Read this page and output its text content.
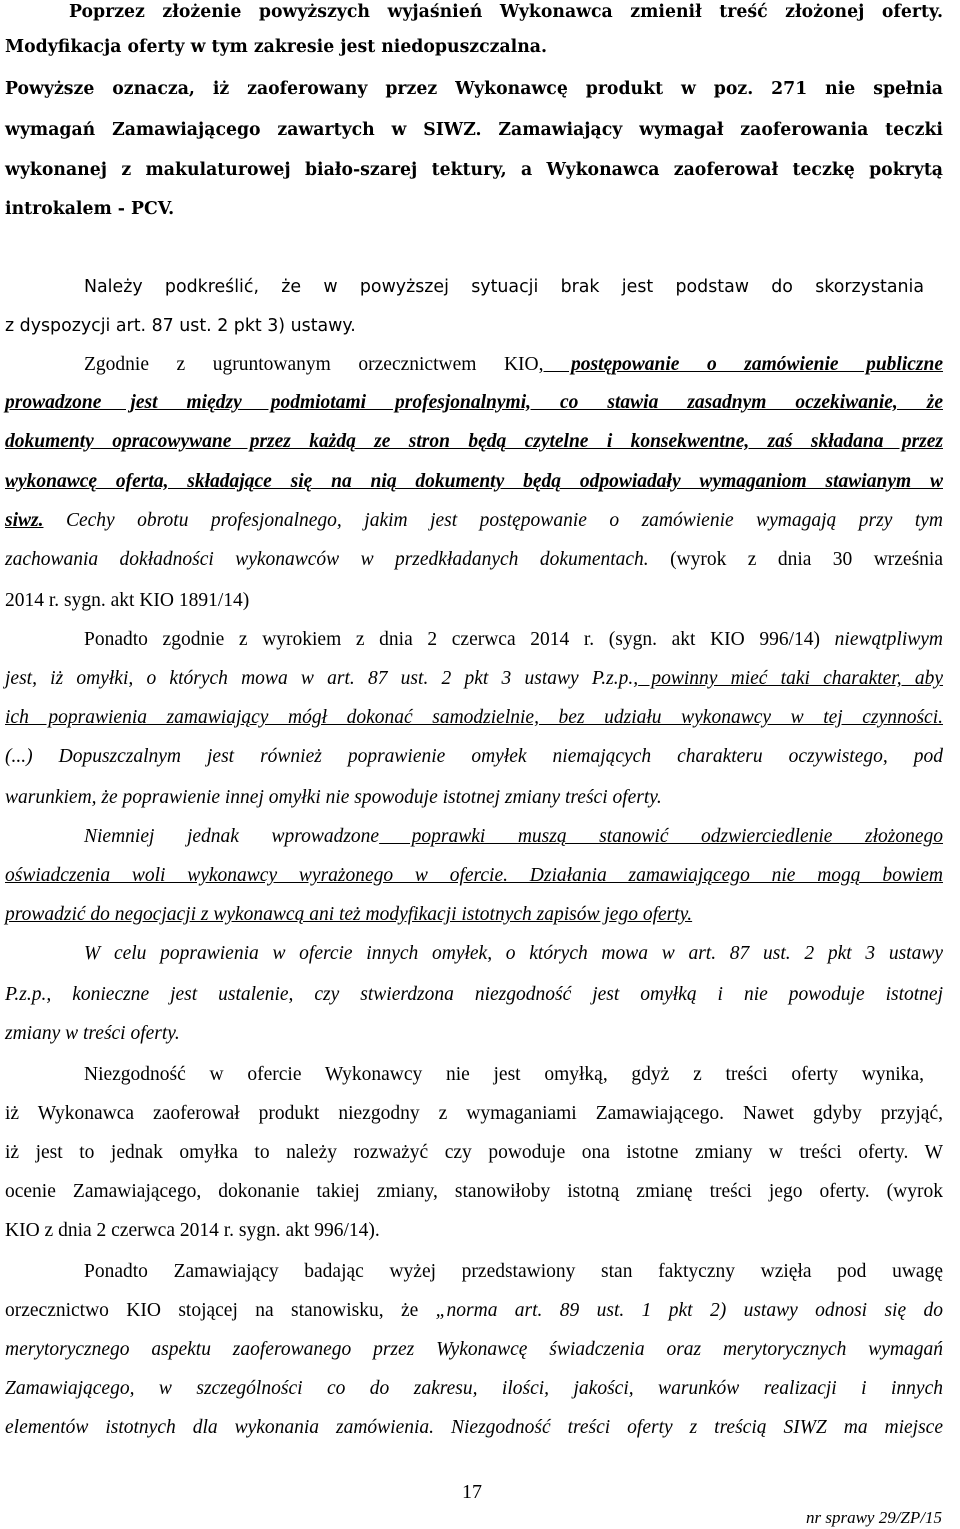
Poprzez złożenie powyższych wyjaśnień Wykonawca zmienił treść złożonej oferty.
Modyfikacja oferty w tym zakresie jest niedopuszczalna.
Powyższe oznacza, iż zaoferowany przez Wykonawcę produkt w poz. 271 nie spełnia
wymagań Zamawiającego zawartych w SIWZ. Zamawiający wymagał zaoferowania teczki
wykonanej z makulaturowej biało-szarej tektury, a Wykonawca zaoferował teczkę pokrytą
introkalem - PCV.
Należy podkreślić, że w powyższej sytuacji brak jest podstaw do skorzystania
z dyspozycji art. 87 ust. 2 pkt 3) ustawy.
Zgodnie z ugruntowanym orzecznictwem KIO, postępowanie o zamówienie publiczne
prowadzone jest między podmiotami profesjonalnymi, co stawia zasadnym oczekiwanie, że
dokumenty opracowywane przez każdą ze stron będą czytelne i konsekwentne, zaś składana przez
wykonawcę oferta, składające się na nią dokumenty będą odpowiadały wymaganiom stawianym w
siwz. Cechy obrotu profesjonalnego, jakim jest postępowanie o zamówienie wymagają przy tym
zachowania dokładności wykonawców w przedkładanych dokumentach. (wyrok z dnia 30 września
2014 r. sygn. akt KIO 1891/14)
Ponadto zgodnie z wyrokiem z dnia 2 czerwca 2014 r. (sygn. akt KIO 996/14) niewątpliwym
jest, iż omyłki, o których mowa w art. 87 ust. 2 pkt 3 ustawy P.z.p., powinny mieć taki charakter, aby
ich poprawienia zamawiający mógł dokonać samodzielnie, bez udziału wykonawcy w tej czynności.
(...) Dopuszczalnym jest również poprawienie omyłek niemających charakteru oczywistego, pod
warunkiem, że poprawienie innej omyłki nie spowoduje istotnej zmiany treści oferty.
Niemniej jednak wprowadzone poprawki muszą stanowić odzwierciedlenie złożonego
oświadczenia woli wykonawcy wyrażonego w ofercie. Działania zamawiającego nie mogą bowiem
prowadzić do negocjacji z wykonawcą ani też modyfikacji istotnych zapisów jego oferty.
W celu poprawienia w ofercie innych omyłek, o których mowa w art. 87 ust. 2 pkt 3 ustawy
P.z.p., konieczne jest ustalenie, czy stwierdzona niezgodność jest omyłką i nie powoduje istotnej
zmiany w treści oferty.
Niezgodność w ofercie Wykonawcy nie jest omyłką, gdyż z treści oferty wynika,
iż Wykonawca zaoferował produkt niezgodny z wymaganiami Zamawiającego. Nawet gdyby przyjąć,
iż jest to jednak omyłka to należy rozważyć czy powoduje ona istotne zmiany w treści oferty. W
ocenie Zamawiającego, dokonanie takiej zmiany, stanowiłoby istotną zmianę treści jego oferty. (wyrok
KIO z dnia 2 czerwca 2014 r. sygn. akt 996/14).
Ponadto Zamawiający badając wyżej przedstawiony stan faktyczny wzięła pod uwagę
orzecznictwo KIO stojącej na stanowisku, że „norma art. 89 ust. 1 pkt 2) ustawy odnosi się do
merytorycznego aspektu zaoferowanego przez Wykonawcę świadczenia oraz merytorycznych wymagań
Zamawiającego, w szczególności co do zakresu, ilości, jakości, warunków realizacji i innych
elementów istotnych dla wykonania zamówienia. Niezgodność treści oferty z treścią SIWZ ma miejsce
17
nr sprawy 29/ZP/15
